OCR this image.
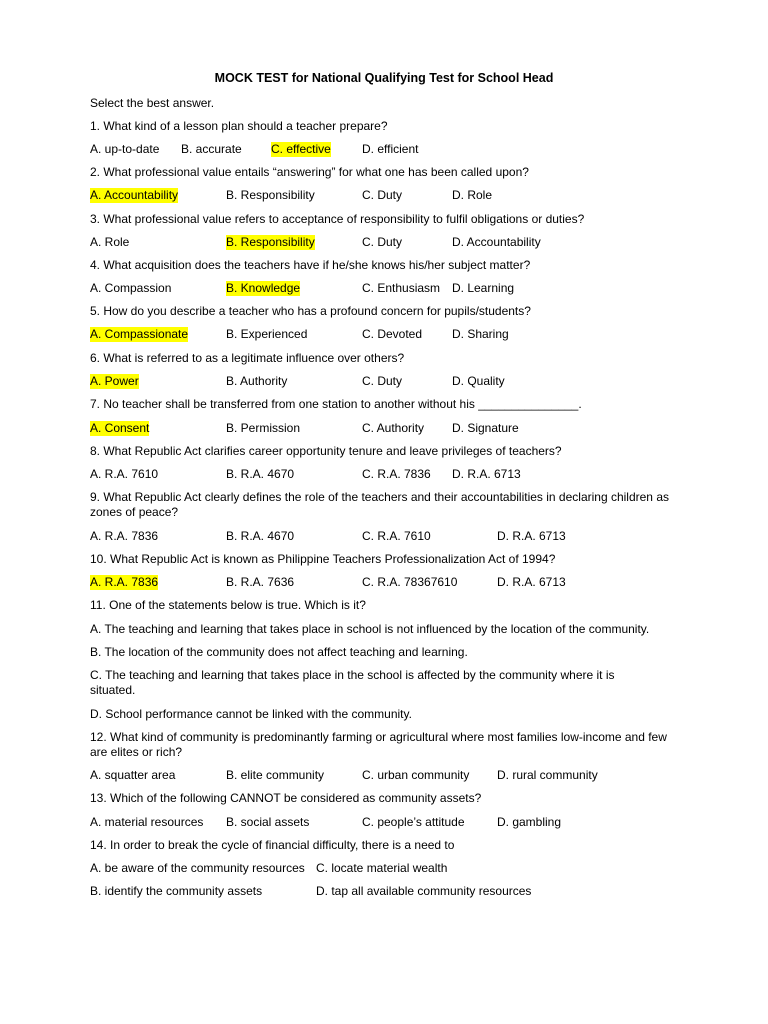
MOCK TEST for National Qualifying Test for School Head
Select the best answer.
1. What kind of a lesson plan should a teacher prepare?
A. up-to-date B. accurate C. effective	D. efficient
2. What professional value entails “answering” for what one has been called upon?
A. Accountability	B. Responsibility	C. Duty	D. Role
3. What professional value refers to acceptance of responsibility to fulfil obligations or duties?
A. Role	B. Responsibility	C. Duty	D. Accountability
4. What acquisition does the teachers have if he/she knows his/her subject matter?
A. Compassion	B. Knowledge	C. Enthusiasm D. Learning
5. How do you describe a teacher who has a profound concern for pupils/students?
A. Compassionate	B. Experienced	C. Devoted D. Sharing
6. What is referred to as a legitimate influence over others?
A. Power	B. Authority	C. Duty	D. Quality
7. No teacher shall be transferred from one station to another without his _______________.
A. Consent	B. Permission	C. Authority D. Signature
8. What Republic Act clarifies career opportunity tenure and leave privileges of teachers?
A. R.A. 7610	B. R.A. 4670	C. R.A. 7836 D. R.A. 6713
9. What Republic Act clearly defines the role of the teachers and their accountabilities in declaring children as zones of peace?
A. R.A. 7836	B. R.A. 4670	C. R.A. 7610	D. R.A. 6713
10. What Republic Act is known as Philippine Teachers Professionalization Act of 1994?
A. R.A. 7836	B. R.A. 7636	C. R.A. 78367610	D. R.A. 6713
11. One of the statements below is true. Which is it?
A. The teaching and learning that takes place in school is not influenced by the location of the community.
B. The location of the community does not affect teaching and learning.
C. The teaching and learning that takes place in the school is affected by the community where it is situated.
D. School performance cannot be linked with the community.
12. What kind of community is predominantly farming or agricultural where most families low-income and few are elites or rich?
A. squatter area	B. elite community	C. urban community D. rural community
13. Which of the following CANNOT be considered as community assets?
A. material resources B. social assets	C. people’s attitude	D. gambling
14. In order to break the cycle of financial difficulty, there is a need to
A. be aware of the community resources C. locate material wealth
B. identify the community assets	D. tap all available community resources
